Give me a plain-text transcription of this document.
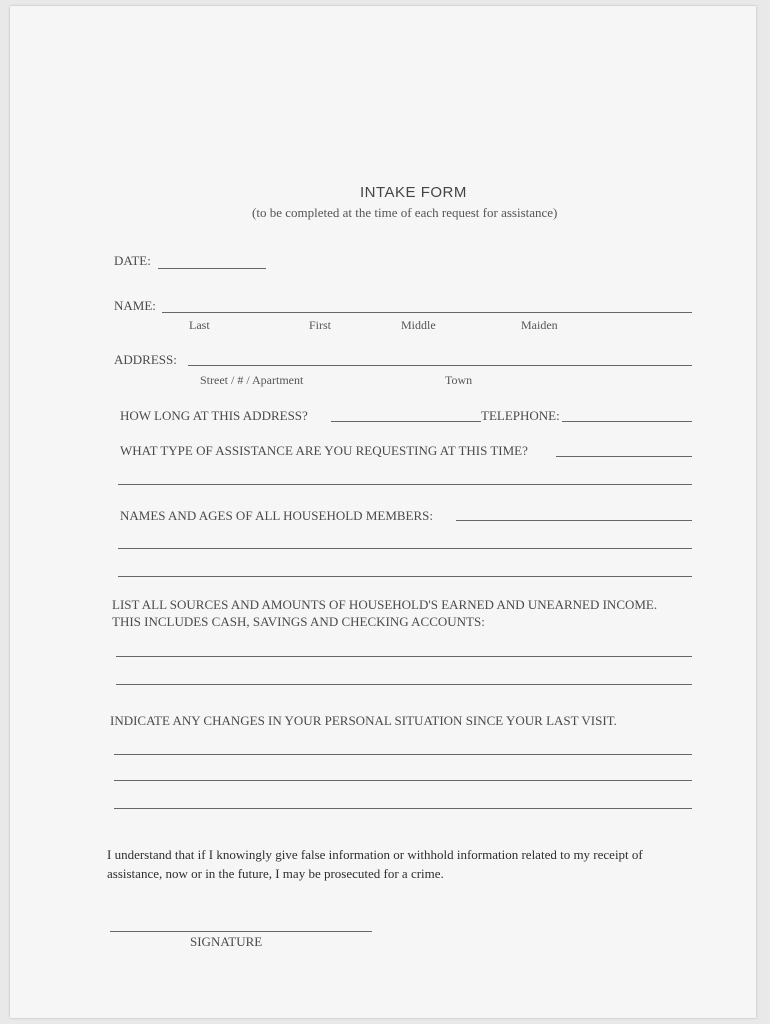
INTAKE FORM
(to be completed at the time of each request for assistance)
DATE:
NAME:
Last	First	Middle	Maiden
ADDRESS:
Street / # / Apartment	Town
HOW LONG AT THIS ADDRESS?	TELEPHONE:
WHAT TYPE OF ASSISTANCE ARE YOU REQUESTING AT THIS TIME?
NAMES AND AGES OF ALL HOUSEHOLD MEMBERS:
LIST ALL SOURCES AND AMOUNTS OF HOUSEHOLD'S EARNED AND UNEARNED INCOME.
THIS INCLUDES CASH, SAVINGS AND CHECKING ACCOUNTS:
INDICATE ANY CHANGES IN YOUR PERSONAL SITUATION SINCE YOUR LAST VISIT.
I understand that if I knowingly give false information or withhold information related to my receipt of assistance, now or in the future, I may be prosecuted for a crime.
SIGNATURE
